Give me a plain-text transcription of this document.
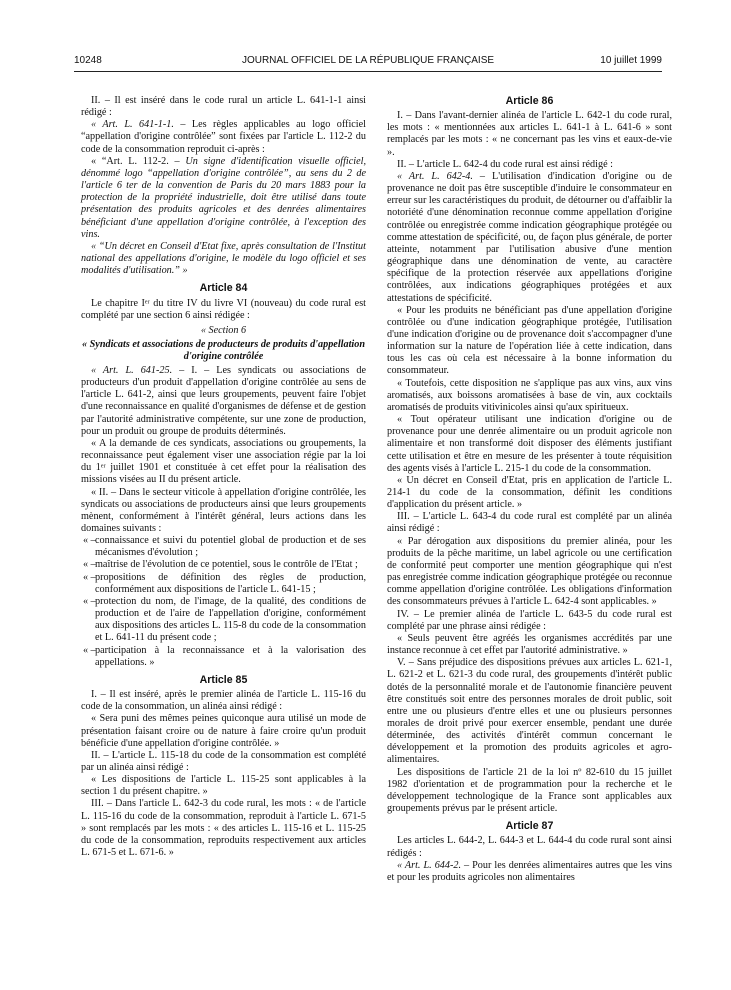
10248	JOURNAL OFFICIEL DE LA RÉPUBLIQUE FRANÇAISE	10 juillet 1999

II. – Il est inséré dans le code rural un article L. 641-1-1 ainsi rédigé :

« Art. L. 641-1-1. – Les règles applicables au logo officiel “appellation d'origine contrôlée” sont fixées par l'article L. 112-2 du code de la consommation reproduit ci-après :

« “Art. L. 112-2. – Un signe d'identification visuelle officiel, dénommé logo “appellation d'origine contrôlée”, au sens du 2 de l'article 6 ter de la convention de Paris du 20 mars 1883 pour la protection de la propriété industrielle, doit être utilisé dans toute présentation des produits agricoles et des denrées alimentaires bénéficiant d'une appellation d'origine contrôlée, à l'exception des vins.

« “Un décret en Conseil d'Etat fixe, après consultation de l'Institut national des appellations d'origine, le modèle du logo officiel et ses modalités d'utilisation.” »

Article 84

Le chapitre Iᵉʳ du titre IV du livre VI (nouveau) du code rural est complété par une section 6 ainsi rédigée :

« Section 6
« Syndicats et associations de producteurs de produits d'appellation d'origine contrôlée

« Art. L. 641-25. – I. – Les syndicats ou associations de producteurs d'un produit d'appellation d'origine contrôlée au sens de l'article L. 641-2, ainsi que leurs groupements, peuvent faire l'objet d'une reconnaissance en qualité d'organismes de défense et de gestion par l'autorité administrative compétente, sur une zone de production, pour un produit ou groupe de produits déterminés.

« A la demande de ces syndicats, associations ou groupements, la reconnaissance peut également viser une association régie par la loi du 1ᵉʳ juillet 1901 et constituée à cet effet pour la réalisation des missions visées au II du présent article.

« II. – Dans le secteur viticole à appellation d'origine contrôlée, les syndicats ou associations de producteurs ainsi que leurs groupements mènent, conformément à l'intérêt général, leurs actions dans les domaines suivants :

« – connaissance et suivi du potentiel global de production et de ses mécanismes d'évolution ;
« – maîtrise de l'évolution de ce potentiel, sous le contrôle de l'Etat ;
« – propositions de définition des règles de production, conformément aux dispositions de l'article L. 641-15 ;
« – protection du nom, de l'image, de la qualité, des conditions de production et de l'aire de l'appellation d'origine, conformément aux dispositions des articles L. 115-8 du code de la consommation et L. 641-11 du présent code ;
« – participation à la reconnaissance et à la valorisation des appellations. »
Article 85

I. – Il est inséré, après le premier alinéa de l'article L. 115-16 du code de la consommation, un alinéa ainsi rédigé :

« Sera puni des mêmes peines quiconque aura utilisé un mode de présentation faisant croire ou de nature à faire croire qu'un produit bénéficie d'une appellation d'origine contrôlée. »

II. – L'article L. 115-18 du code de la consommation est complété par un alinéa ainsi rédigé :

« Les dispositions de l'article L. 115-25 sont applicables à la section 1 du présent chapitre. »

III. – Dans l'article L. 642-3 du code rural, les mots : « de l'article L. 115-16 du code de la consommation, reproduit à l'article L. 671-5 » sont remplacés par les mots : « des articles L. 115-16 et L. 115-25 du code de la consommation, reproduits respectivement aux articles L. 671-5 et L. 671-6. »

Article 86

I. – Dans l'avant-dernier alinéa de l'article L. 642-1 du code rural, les mots : « mentionnées aux articles L. 641-1 à L. 641-6 » sont remplacés par les mots : « ne concernant pas les vins et eaux-de-vie ».

II. – L'article L. 642-4 du code rural est ainsi rédigé :

« Art. L. 642-4. – L'utilisation d'indication d'origine ou de provenance ne doit pas être susceptible d'induire le consommateur en erreur sur les caractéristiques du produit, de détourner ou d'affaiblir la notoriété d'une dénomination reconnue comme appellation d'origine contrôlée ou enregistrée comme indication géographique protégée ou comme attestation de spécificité, ou, de façon plus générale, de porter atteinte, notamment par l'utilisation abusive d'une mention géographique dans une dénomination de vente, au caractère spécifique de la protection réservée aux appellations d'origine contrôlées, aux indications géographiques protégées et aux attestations de spécificité.

« Pour les produits ne bénéficiant pas d'une appellation d'origine contrôlée ou d'une indication géographique protégée, l'utilisation d'une indication d'origine ou de provenance doit s'accompagner d'une information sur la nature de l'opération liée à cette indication, dans tous les cas où cela est nécessaire à la bonne information du consommateur.

« Toutefois, cette disposition ne s'applique pas aux vins, aux vins aromatisés, aux boissons aromatisées à base de vin, aux cocktails aromatisés de produits vitivinicoles ainsi qu'aux spiritueux.

« Tout opérateur utilisant une indication d'origine ou de provenance pour une denrée alimentaire ou un produit agricole non alimentaire et non transformé doit disposer des éléments justifiant cette utilisation et être en mesure de les présenter à toute réquisition des agents visés à l'article L. 215-1 du code de la consommation.

« Un décret en Conseil d'Etat, pris en application de l'article L. 214-1 du code de la consommation, définit les conditions d'application du présent article. »

III. – L'article L. 643-4 du code rural est complété par un alinéa ainsi rédigé :

« Par dérogation aux dispositions du premier alinéa, pour les produits de la pêche maritime, un label agricole ou une certification de conformité peut comporter une mention géographique qui n'est pas enregistrée comme indication géographique protégée ou reconnue comme appellation d'origine contrôlée. Les obligations d'information des consommateurs prévues à l'article L. 642-4 sont applicables. »

IV. – Le premier alinéa de l'article L. 643-5 du code rural est complété par une phrase ainsi rédigée :

« Seuls peuvent être agréés les organismes accrédités par une instance reconnue à cet effet par l'autorité administrative. »

V. – Sans préjudice des dispositions prévues aux articles L. 621-1, L. 621-2 et L. 621-3 du code rural, des groupements d'intérêt public dotés de la personnalité morale et de l'autonomie financière peuvent être constitués soit entre des personnes morales de droit public, soit entre une ou plusieurs d'entre elles et une ou plusieurs personnes morales de droit privé pour exercer ensemble, pendant une durée déterminée, des activités d'intérêt commun concernant le développement et la promotion des produits agricoles et agro-alimentaires.

Les dispositions de l'article 21 de la loi nº 82-610 du 15 juillet 1982 d'orientation et de programmation pour la recherche et le développement technologique de la France sont applicables aux groupements prévus par le présent article.

Article 87

Les articles L. 644-2, L. 644-3 et L. 644-4 du code rural sont ainsi rédigés :

« Art. L. 644-2. – Pour les denrées alimentaires autres que les vins et pour les produits agricoles non alimentaires
